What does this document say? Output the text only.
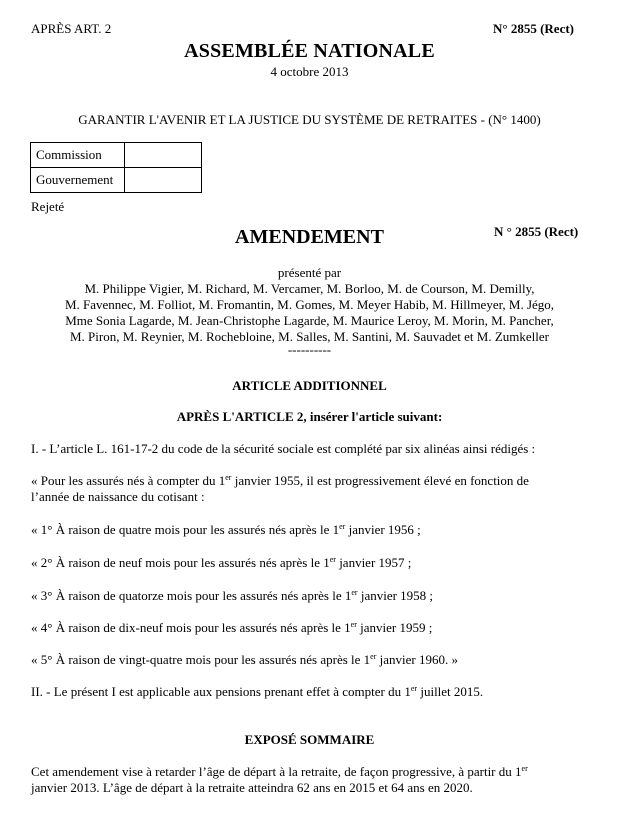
APRÈS ART. 2	N° 2855 (Rect)
ASSEMBLÉE NATIONALE
4 octobre 2013
GARANTIR L'AVENIR ET LA JUSTICE DU SYSTÈME DE RETRAITES - (N° 1400)
Commission	
Gouvernement	
Rejeté
AMENDEMENT	N ° 2855 (Rect)
présenté par
M. Philippe Vigier, M. Richard, M. Vercamer, M. Borloo, M. de Courson, M. Demilly,
M. Favennec, M. Folliot, M. Fromantin, M. Gomes, M. Meyer Habib, M. Hillmeyer, M. Jégo,
Mme Sonia Lagarde, M. Jean-Christophe Lagarde, M. Maurice Leroy, M. Morin, M. Pancher,
M. Piron, M. Reynier, M. Rochebloine, M. Salles, M. Santini, M. Sauvadet et M. Zumkeller
----------
ARTICLE ADDITIONNEL
APRÈS L'ARTICLE 2, insérer l'article suivant:
I. - L’article L. 161-17-2 du code de la sécurité sociale est complété par six alinéas ainsi rédigés :
« Pour les assurés nés à compter du 1er janvier 1955, il est progressivement élevé en fonction de
l’année de naissance du cotisant :
« 1° À raison de quatre mois pour les assurés nés après le 1er janvier 1956 ;
« 2° À raison de neuf mois pour les assurés nés après le 1er janvier 1957 ;
« 3° À raison de quatorze mois pour les assurés nés après le 1er janvier 1958 ;
« 4° À raison de dix-neuf mois pour les assurés nés après le 1er janvier 1959 ;
« 5° À raison de vingt-quatre mois pour les assurés nés après le 1er janvier 1960. »
II. - Le présent I est applicable aux pensions prenant effet à compter du 1er juillet 2015.
EXPOSÉ SOMMAIRE
Cet amendement vise à retarder l’âge de départ à la retraite, de façon progressive, à partir du 1er
janvier 2013. L’âge de départ à la retraite atteindra 62 ans en 2015 et 64 ans en 2020.
